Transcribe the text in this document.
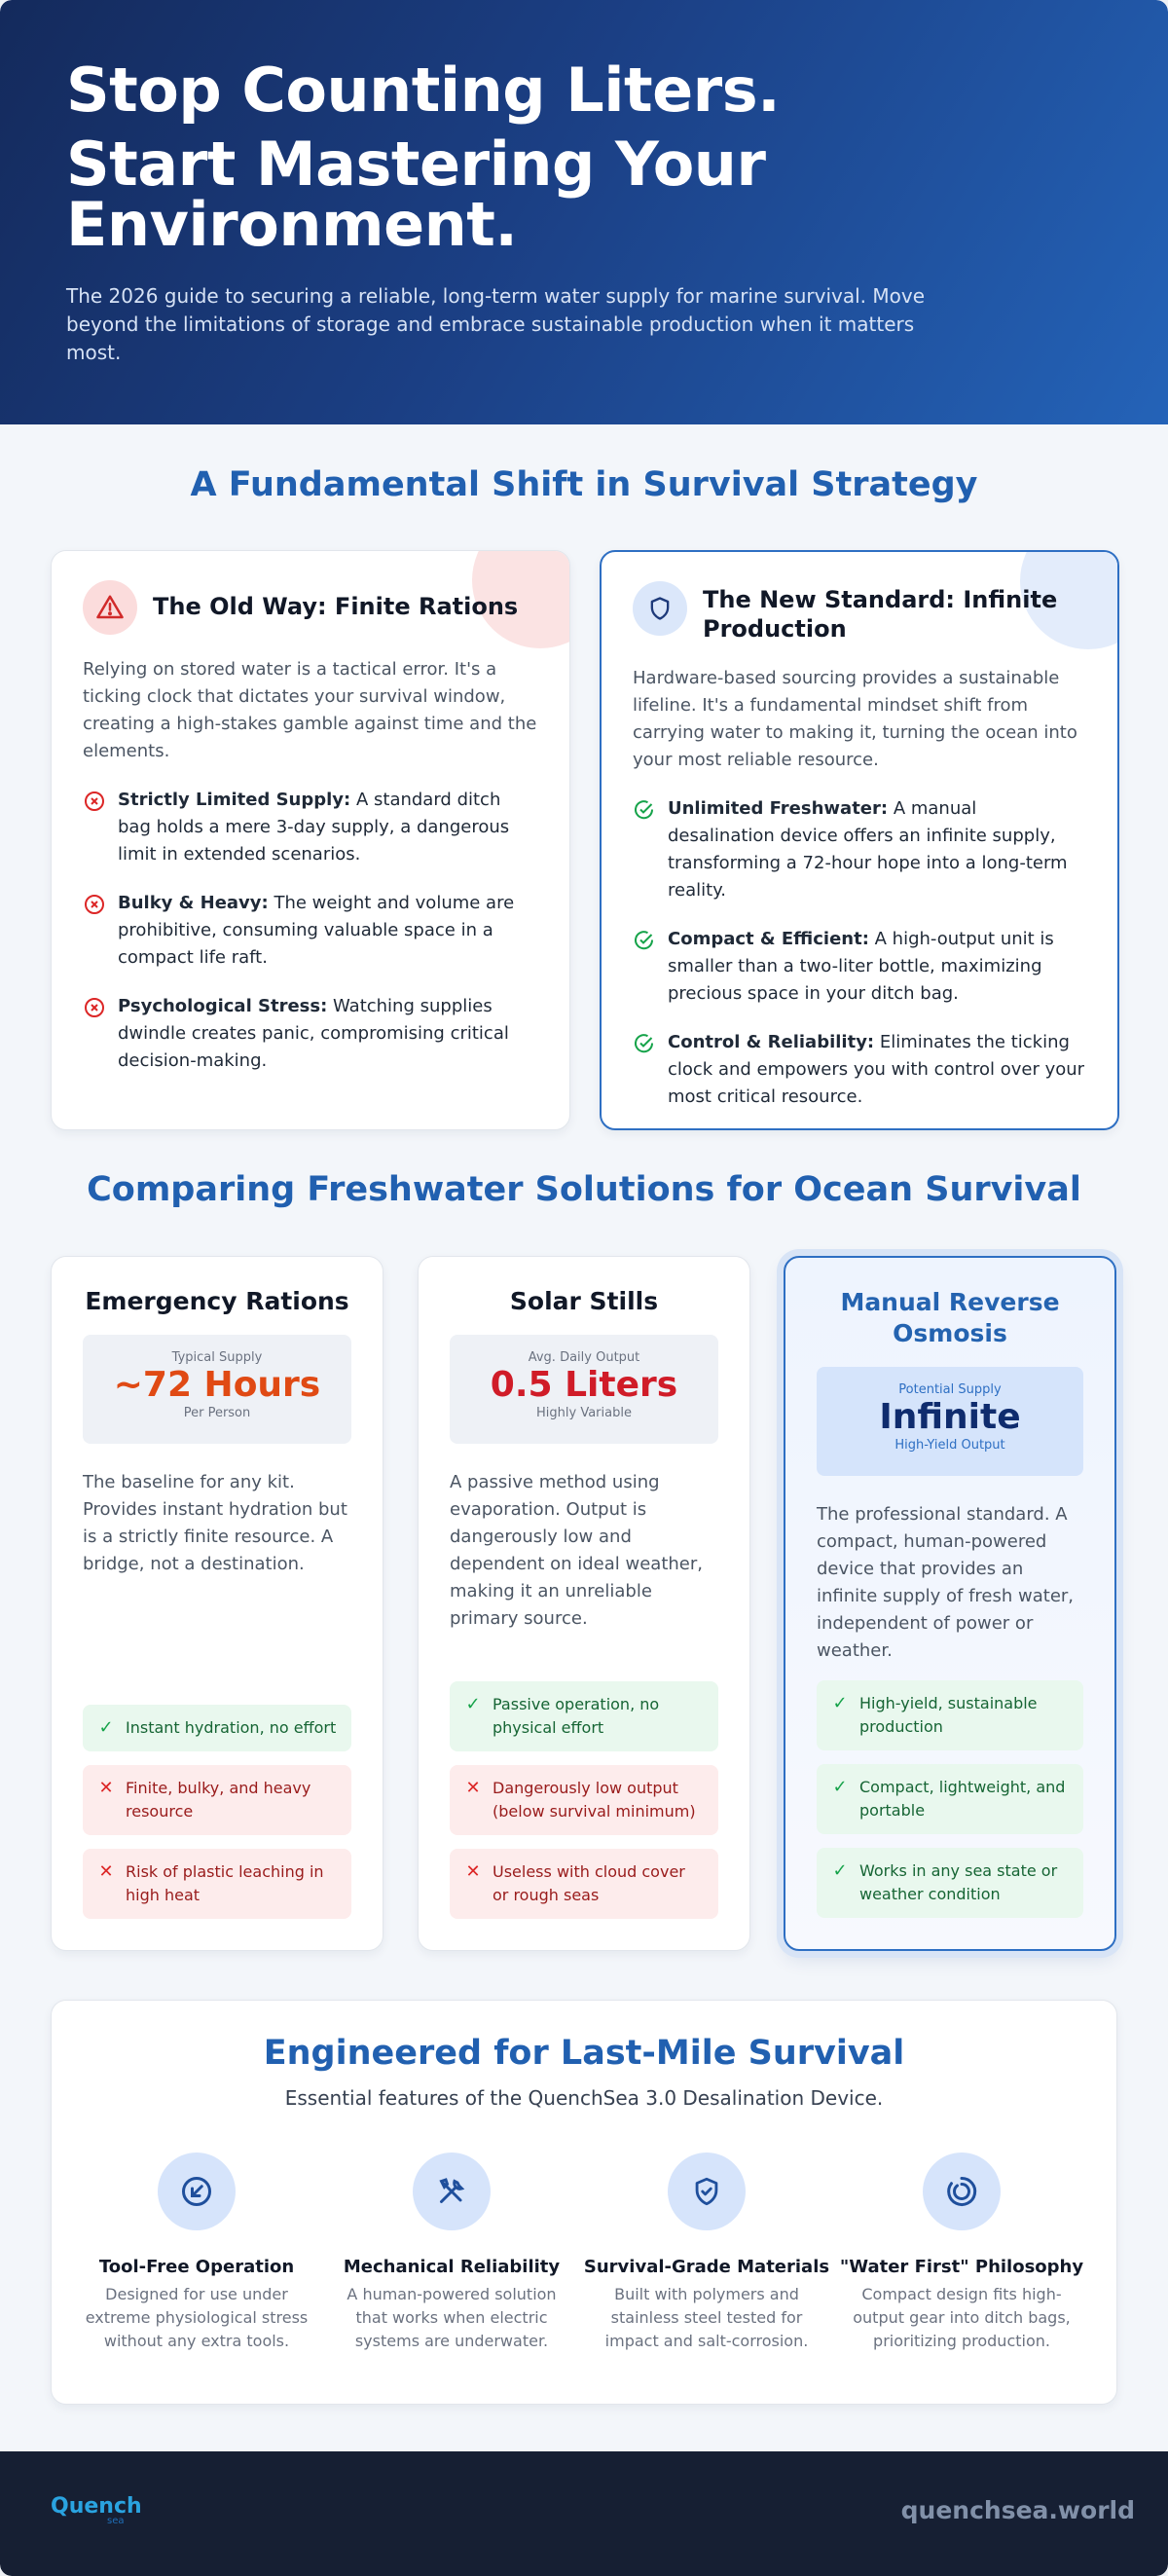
Stop Counting Liters.
Start Mastering Your Environment.

The 2026 guide to securing a reliable, long-term water supply for marine survival. Move beyond the limitations of storage and embrace sustainable production when it matters most.

A Fundamental Shift in Survival Strategy
The Old Way: Finite Rations

Relying on stored water is a tactical error. It's a ticking clock that dictates your survival window, creating a high-stakes gamble against time and the elements.

Strictly Limited Supply: A standard ditch bag holds a mere 3-day supply, a dangerous limit in extended scenarios.
Bulky & Heavy: The weight and volume are prohibitive, consuming valuable space in a compact life raft.
Psychological Stress: Watching supplies dwindle creates panic, compromising critical decision-making.
The New Standard: Infinite Production

Hardware-based sourcing provides a sustainable lifeline. It's a fundamental mindset shift from carrying water to making it, turning the ocean into your most reliable resource.

Unlimited Freshwater: A manual desalination device offers an infinite supply, transforming a 72-hour hope into a long-term reality.
Compact & Efficient: A high-output unit is smaller than a two-liter bottle, maximizing precious space in your ditch bag.
Control & Reliability: Eliminates the ticking clock and empowers you with control over your most critical resource.
Comparing Freshwater Solutions for Ocean Survival
Emergency Rations
Typical Supply
~72 Hours
Per Person

The baseline for any kit. Provides instant hydration but is a strictly finite resource. A bridge, not a destination.

✓ Instant hydration, no effort
✕ Finite, bulky, and heavy resource
✕ Risk of plastic leaching in high heat
Solar Stills
Avg. Daily Output
0.5 Liters
Highly Variable

A passive method using evaporation. Output is dangerously low and dependent on ideal weather, making it an unreliable primary source.

✓ Passive operation, no physical effort
✕ Dangerously low output (below survival minimum)
✕ Useless with cloud cover or rough seas
Manual Reverse Osmosis
Potential Supply
Infinite
High-Yield Output

The professional standard. A compact, human-powered device that provides an infinite supply of fresh water, independent of power or weather.

✓ High-yield, sustainable production
✓ Compact, lightweight, and portable
✓ Works in any sea state or weather condition
Engineered for Last-Mile Survival

Essential features of the QuenchSea 3.0 Desalination Device.

Tool-Free Operation

Designed for use under extreme physiological stress without any extra tools.

Mechanical Reliability

A human-powered solution that works when electric systems are underwater.

Survival-Grade Materials

Built with polymers and stainless steel tested for impact and salt-corrosion.

"Water First" Philosophy

Compact design fits high-output gear into ditch bags, prioritizing production.

Quench
sea	quenchsea.world
